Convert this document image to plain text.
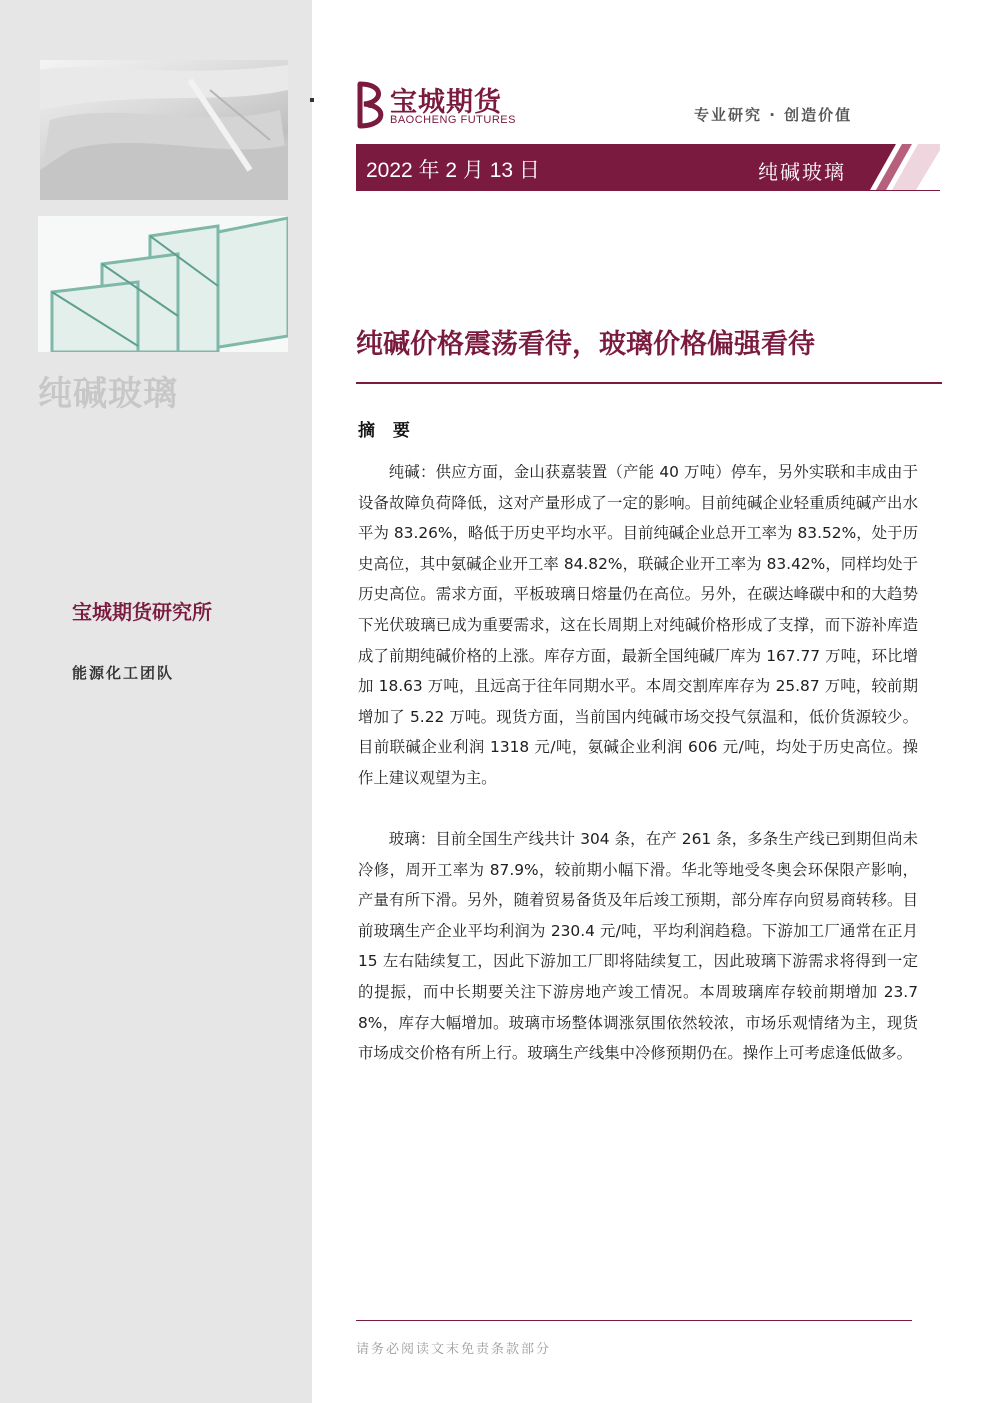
纯碱玻璃
宝城期货研究所
能源化工团队
宝城期货
BAOCHENG FUTURES	专业研究 · 创造价值
2022 年 2 月 13 日	纯碱玻璃
纯碱价格震荡看待，玻璃价格偏强看待
摘 要

纯碱：供应方面，金山获嘉装置（产能 40 万吨）停车，另外实联和丰成由于设备故障负荷降低，这对产量形成了一定的影响。目前纯碱企业轻重质纯碱产出水平为 83.26%，略低于历史平均水平。目前纯碱企业总开工率为 83.52%，处于历史高位，其中氨碱企业开工率 84.82%，联碱企业开工率为 83.42%，同样均处于历史高位。需求方面，平板玻璃日熔量仍在高位。另外，在碳达峰碳中和的大趋势下光伏玻璃已成为重要需求，这在长周期上对纯碱价格形成了支撑，而下游补库造成了前期纯碱价格的上涨。库存方面，最新全国纯碱厂库为 167.77 万吨，环比增加 18.63 万吨，且远高于往年同期水平。本周交割库库存为 25.87 万吨，较前期增加了 5.22 万吨。现货方面，当前国内纯碱市场交投气氛温和，低价货源较少。目前联碱企业利润 1318 元/吨，氨碱企业利润 606 元/吨，均处于历史高位。操作上建议观望为主。

玻璃：目前全国生产线共计 304 条，在产 261 条，多条生产线已到期但尚未冷修，周开工率为 87.9%，较前期小幅下滑。华北等地受冬奥会环保限产影响，产量有所下滑。另外，随着贸易备货及年后竣工预期，部分库存向贸易商转移。目前玻璃生产企业平均利润为 230.4 元/吨，平均利润趋稳。下游加工厂通常在正月 15 左右陆续复工，因此下游加工厂即将陆续复工，因此玻璃下游需求将得到一定的提振，而中长期要关注下游房地产竣工情况。本周玻璃库存较前期增加 23.78%，库存大幅增加。玻璃市场整体调涨氛围依然较浓，市场乐观情绪为主，现货市场成交价格有所上行。玻璃生产线集中冷修预期仍在。操作上可考虑逢低做多。

请务必阅读文末免责条款部分
